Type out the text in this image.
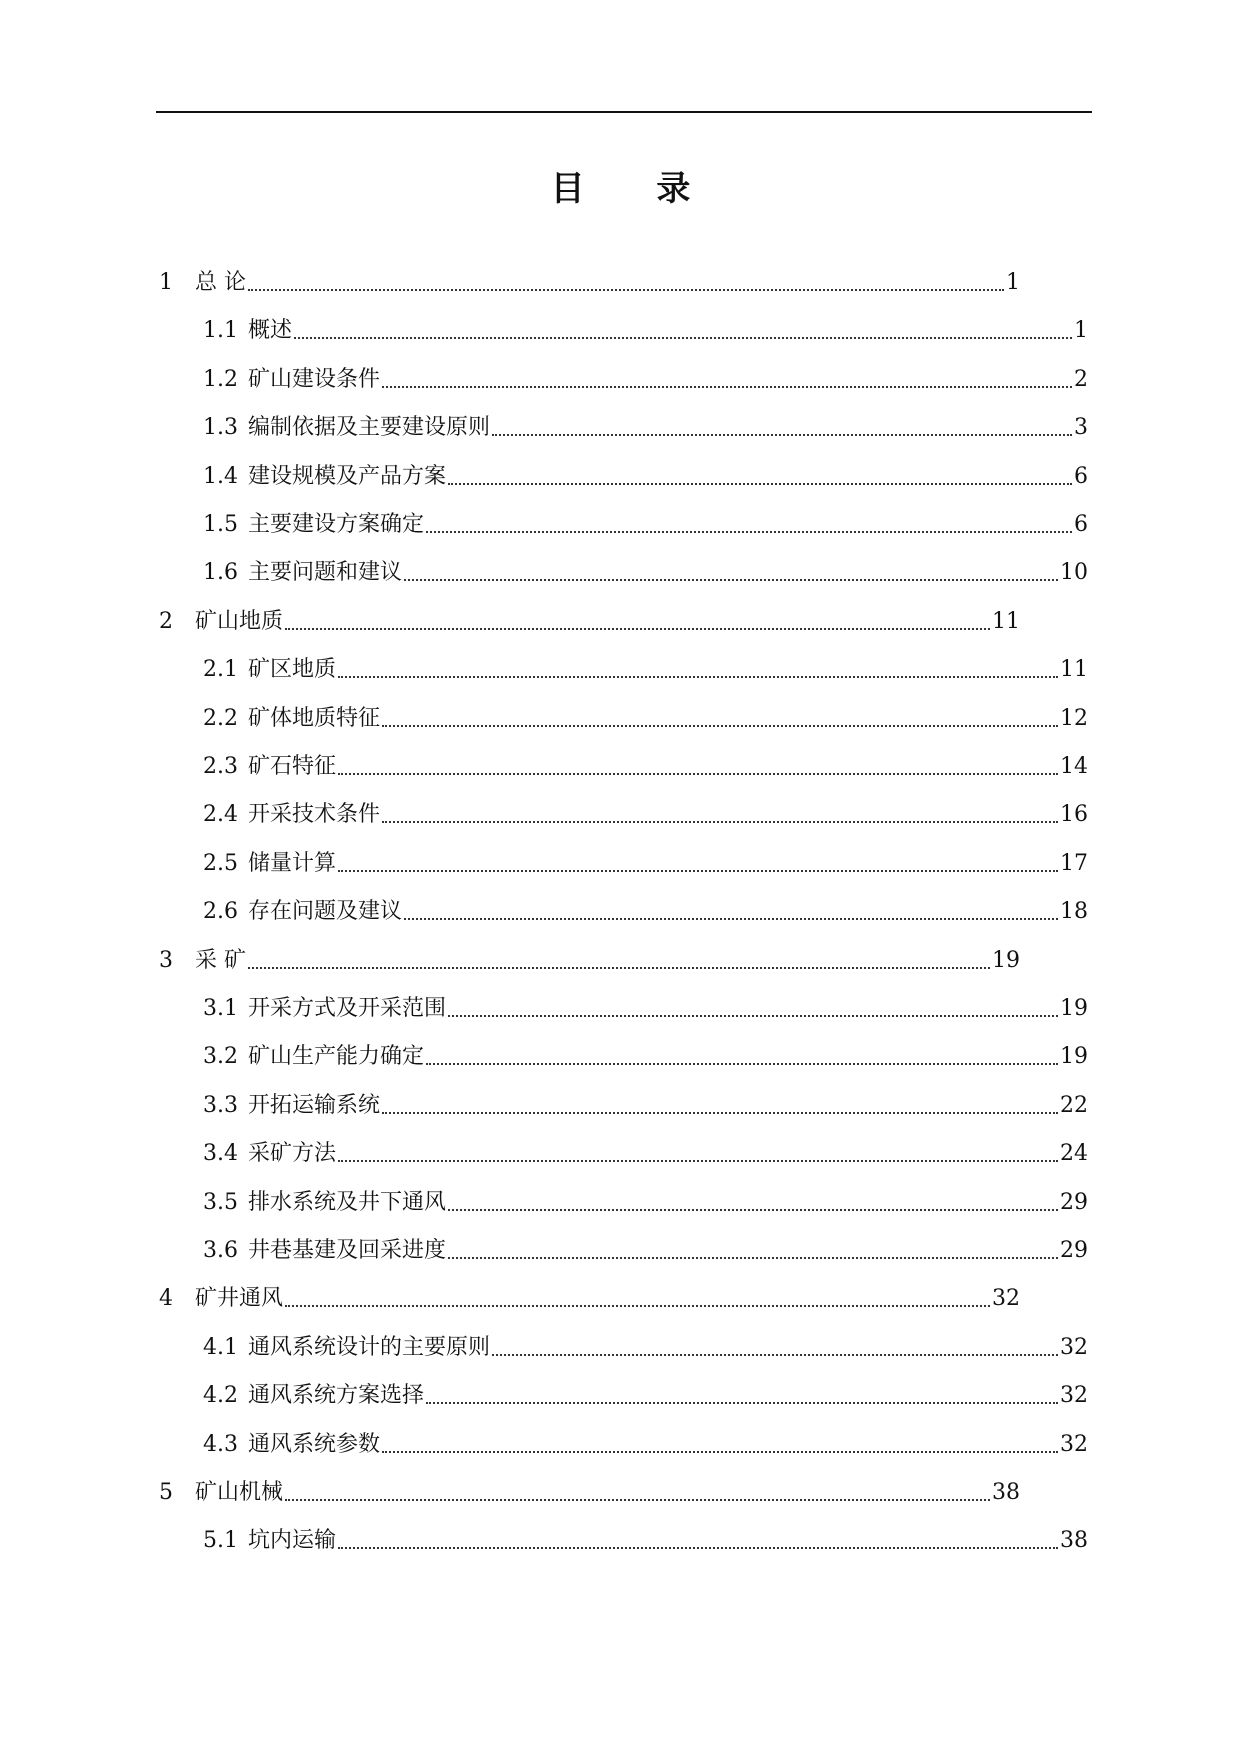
目 录
1 总 论	1
1.1 概述	1
1.2 矿山建设条件	2
1.3 编制依据及主要建设原则	3
1.4 建设规模及产品方案	6
1.5 主要建设方案确定	6
1.6 主要问题和建议	10
2 矿山地质	11
2.1 矿区地质	11
2.2 矿体地质特征	12
2.3 矿石特征	14
2.4 开采技术条件	16
2.5 储量计算	17
2.6 存在问题及建议	18
3 采 矿	19
3.1 开采方式及开采范围	19
3.2 矿山生产能力确定	19
3.3 开拓运输系统	22
3.4 采矿方法	24
3.5 排水系统及井下通风	29
3.6 井巷基建及回采进度	29
4 矿井通风	32
4.1 通风系统设计的主要原则	32
4.2 通风系统方案选择	32
4.3 通风系统参数	32
5 矿山机械	38
5.1 坑内运输	38
